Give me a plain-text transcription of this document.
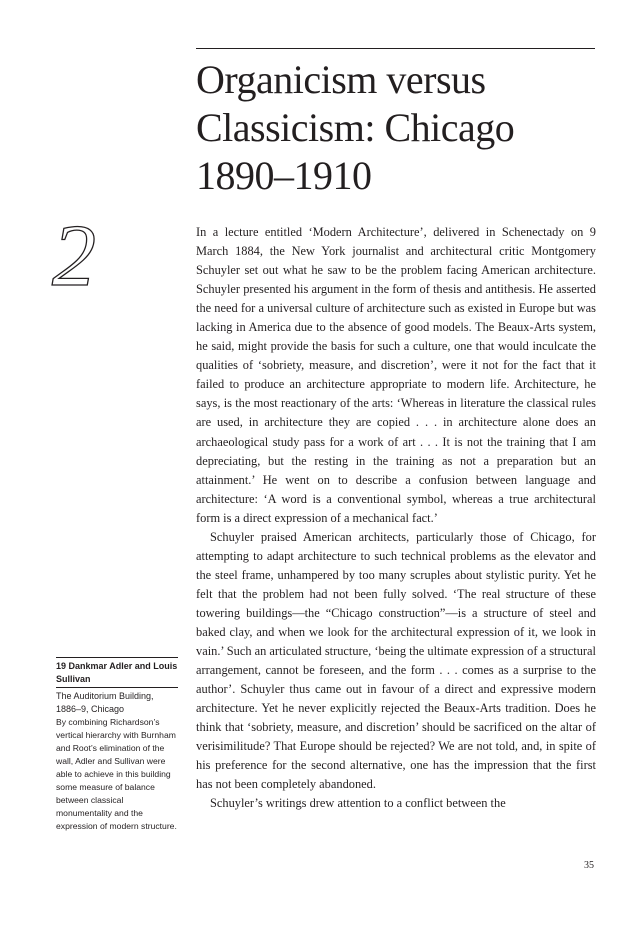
Organicism versus
Classicism: Chicago
1890–1910
2
19 Dankmar Adler and Louis Sullivan
The Auditorium Building, 1886–9, Chicago
By combining Richardson’s vertical hierarchy with Burnham and Root’s elimination of the wall, Adler and Sullivan were able to achieve in this building some measure of balance between classical monumentality and the expression of modern structure.

In a lecture entitled ‘Modern Architecture’, delivered in Schenectady on 9 March 1884, the New York journalist and architectural critic Montgomery Schuyler set out what he saw to be the problem facing American architecture. Schuyler presented his argument in the form of thesis and antithesis. He asserted the need for a universal culture of architecture such as existed in Europe but was lacking in America due to the absence of good models. The Beaux-Arts system, he said, might provide the basis for such a culture, one that would inculcate the qualities of ‘sobriety, measure, and discretion’, were it not for the fact that it failed to produce an architecture appropriate to modern life. Architecture, he says, is the most reactionary of the arts: ‘Whereas in literature the classical rules are used, in architecture they are copied . . . in architecture alone does an archaeological study pass for a work of art . . . It is not the training that I am depreciating, but the resting in the training as not a preparation but an attainment.’ He went on to describe a confusion between language and architecture: ‘A word is a conventional symbol, whereas a true architectural form is a direct expression of a mechanical fact.’

Schuyler praised American architects, particularly those of Chicago, for attempting to adapt architecture to such technical problems as the elevator and the steel frame, unhampered by too many scruples about stylistic purity. Yet he felt that the problem had not been fully solved. ‘The real structure of these towering buildings—the “Chicago construction”—is a structure of steel and baked clay, and when we look for the architectural expression of it, we look in vain.’ Such an articulated structure, ‘being the ultimate expression of a structural arrangement, cannot be foreseen, and the form . . . comes as a surprise to the author’. Schuyler thus came out in favour of a direct and expressive modern architecture. Yet he never explicitly rejected the Beaux-Arts tradition. Does he think that ‘sobriety, measure, and discretion’ should be sacrificed on the altar of verisimilitude? That Europe should be rejected? We are not told, and, in spite of his preference for the second alternative, one has the impression that the first has not been completely abandoned.

Schuyler’s writings drew attention to a conflict between the

35
